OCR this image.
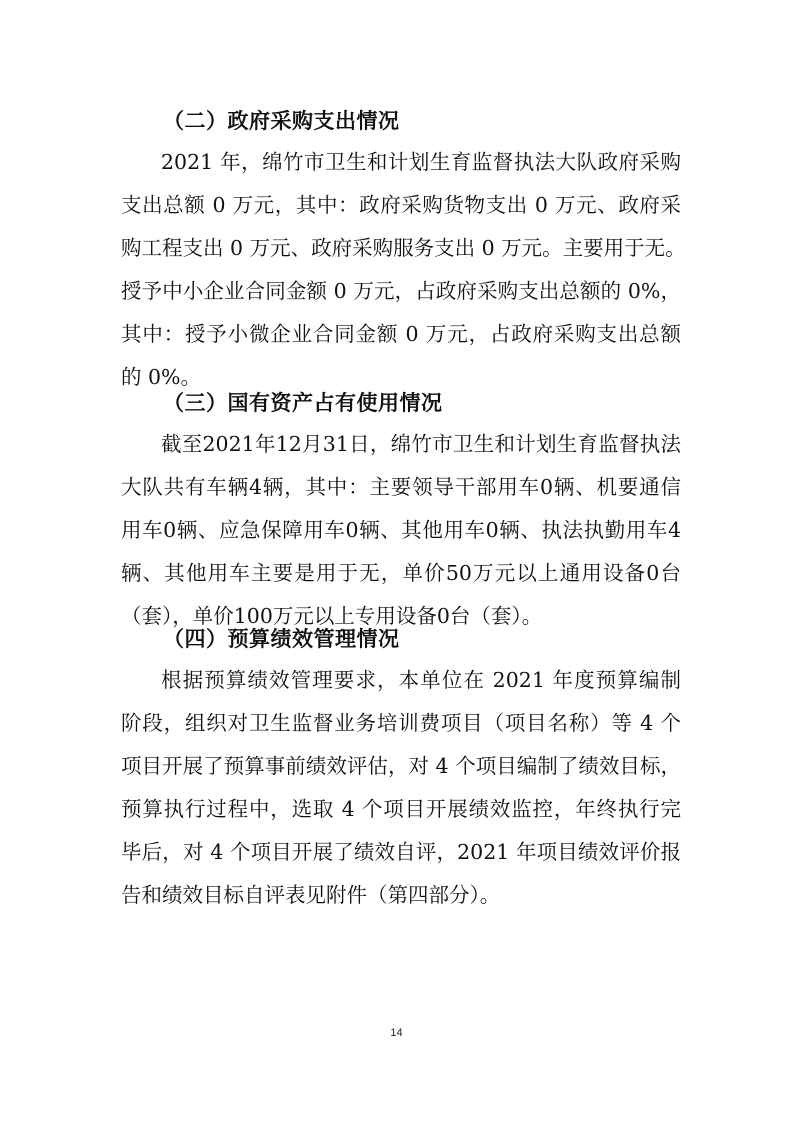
（二）政府采购支出情况
2021 年，绵竹市卫生和计划生育监督执法大队政府采购
支出总额 0 万元，其中：政府采购货物支出 0 万元、政府采
购工程支出 0 万元、政府采购服务支出 0 万元。主要用于无。
授予中小企业合同金额 0 万元，占政府采购支出总额的 0%，
其中：授予小微企业合同金额 0 万元，占政府采购支出总额
的 0%。
（三）国有资产占有使用情况
截至2021年12月31日，绵竹市卫生和计划生育监督执法
大队共有车辆4辆，其中：主要领导干部用车0辆、机要通信
用车0辆、应急保障用车0辆、其他用车0辆、执法执勤用车4
辆、其他用车主要是用于无，单价50万元以上通用设备0台
（套），单价100万元以上专用设备0台（套）。
（四）预算绩效管理情况
根据预算绩效管理要求，本单位在 2021 年度预算编制
阶段，组织对卫生监督业务培训费项目（项目名称）等 4 个
项目开展了预算事前绩效评估，对 4 个项目编制了绩效目标，
预算执行过程中，选取 4 个项目开展绩效监控，年终执行完
毕后，对 4 个项目开展了绩效自评，2021 年项目绩效评价报
告和绩效目标自评表见附件（第四部分）。
14
